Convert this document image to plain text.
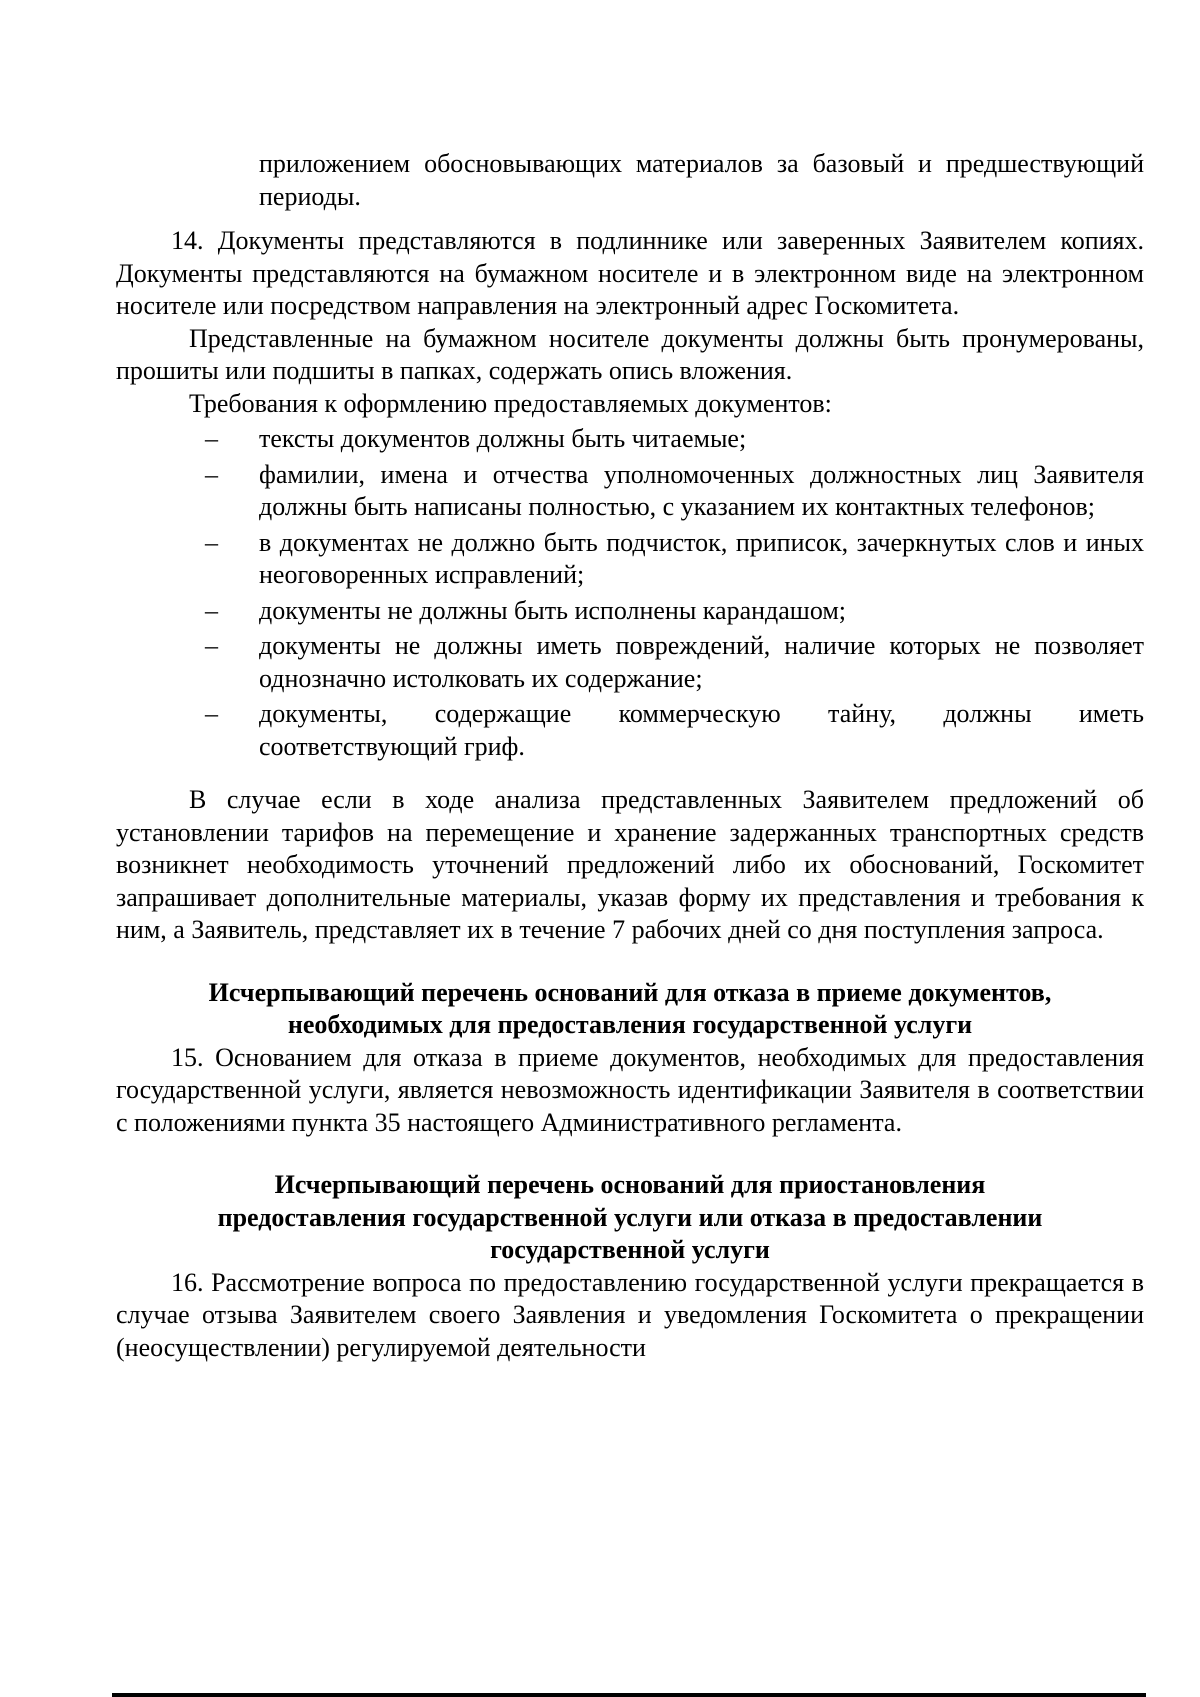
приложением обосновывающих материалов за базовый и предшествующий периоды.

14. Документы представляются в подлиннике или заверенных Заявителем копиях. Документы представляются на бумажном носителе и в электронном виде на электронном носителе или посредством направления на электронный адрес Госкомитета.

Представленные на бумажном носителе документы должны быть пронумерованы, прошиты или подшиты в папках, содержать опись вложения.

Требования к оформлению предоставляемых документов:

– тексты документов должны быть читаемые;
– фамилии, имена и отчества уполномоченных должностных лиц Заявителя должны быть написаны полностью, с указанием их контактных телефонов;
– в документах не должно быть подчисток, приписок, зачеркнутых слов и иных неоговоренных исправлений;
– документы не должны быть исполнены карандашом;
– документы не должны иметь повреждений, наличие которых не позволяет однозначно истолковать их содержание;
– документы, содержащие коммерческую тайну, должны иметь соответствующий гриф.

В случае если в ходе анализа представленных Заявителем предложений об установлении тарифов на перемещение и хранение задержанных транспортных средств возникнет необходимость уточнений предложений либо их обоснований, Госкомитет запрашивает дополнительные материалы, указав форму их представления и требования к ним, а Заявитель, представляет их в течение 7 рабочих дней со дня поступления запроса.

Исчерпывающий перечень оснований для отказа в приеме документов,
необходимых для предоставления государственной услуги

15. Основанием для отказа в приеме документов, необходимых для предоставления государственной услуги, является невозможность идентификации Заявителя в соответствии с положениями пункта 35 настоящего Административного регламента.

Исчерпывающий перечень оснований для приостановления
предоставления государственной услуги или отказа в предоставлении
государственной услуги

16. Рассмотрение вопроса по предоставлению государственной услуги прекращается в случае отзыва Заявителем своего Заявления и уведомления Госкомитета о прекращении (неосуществлении) регулируемой деятельности
